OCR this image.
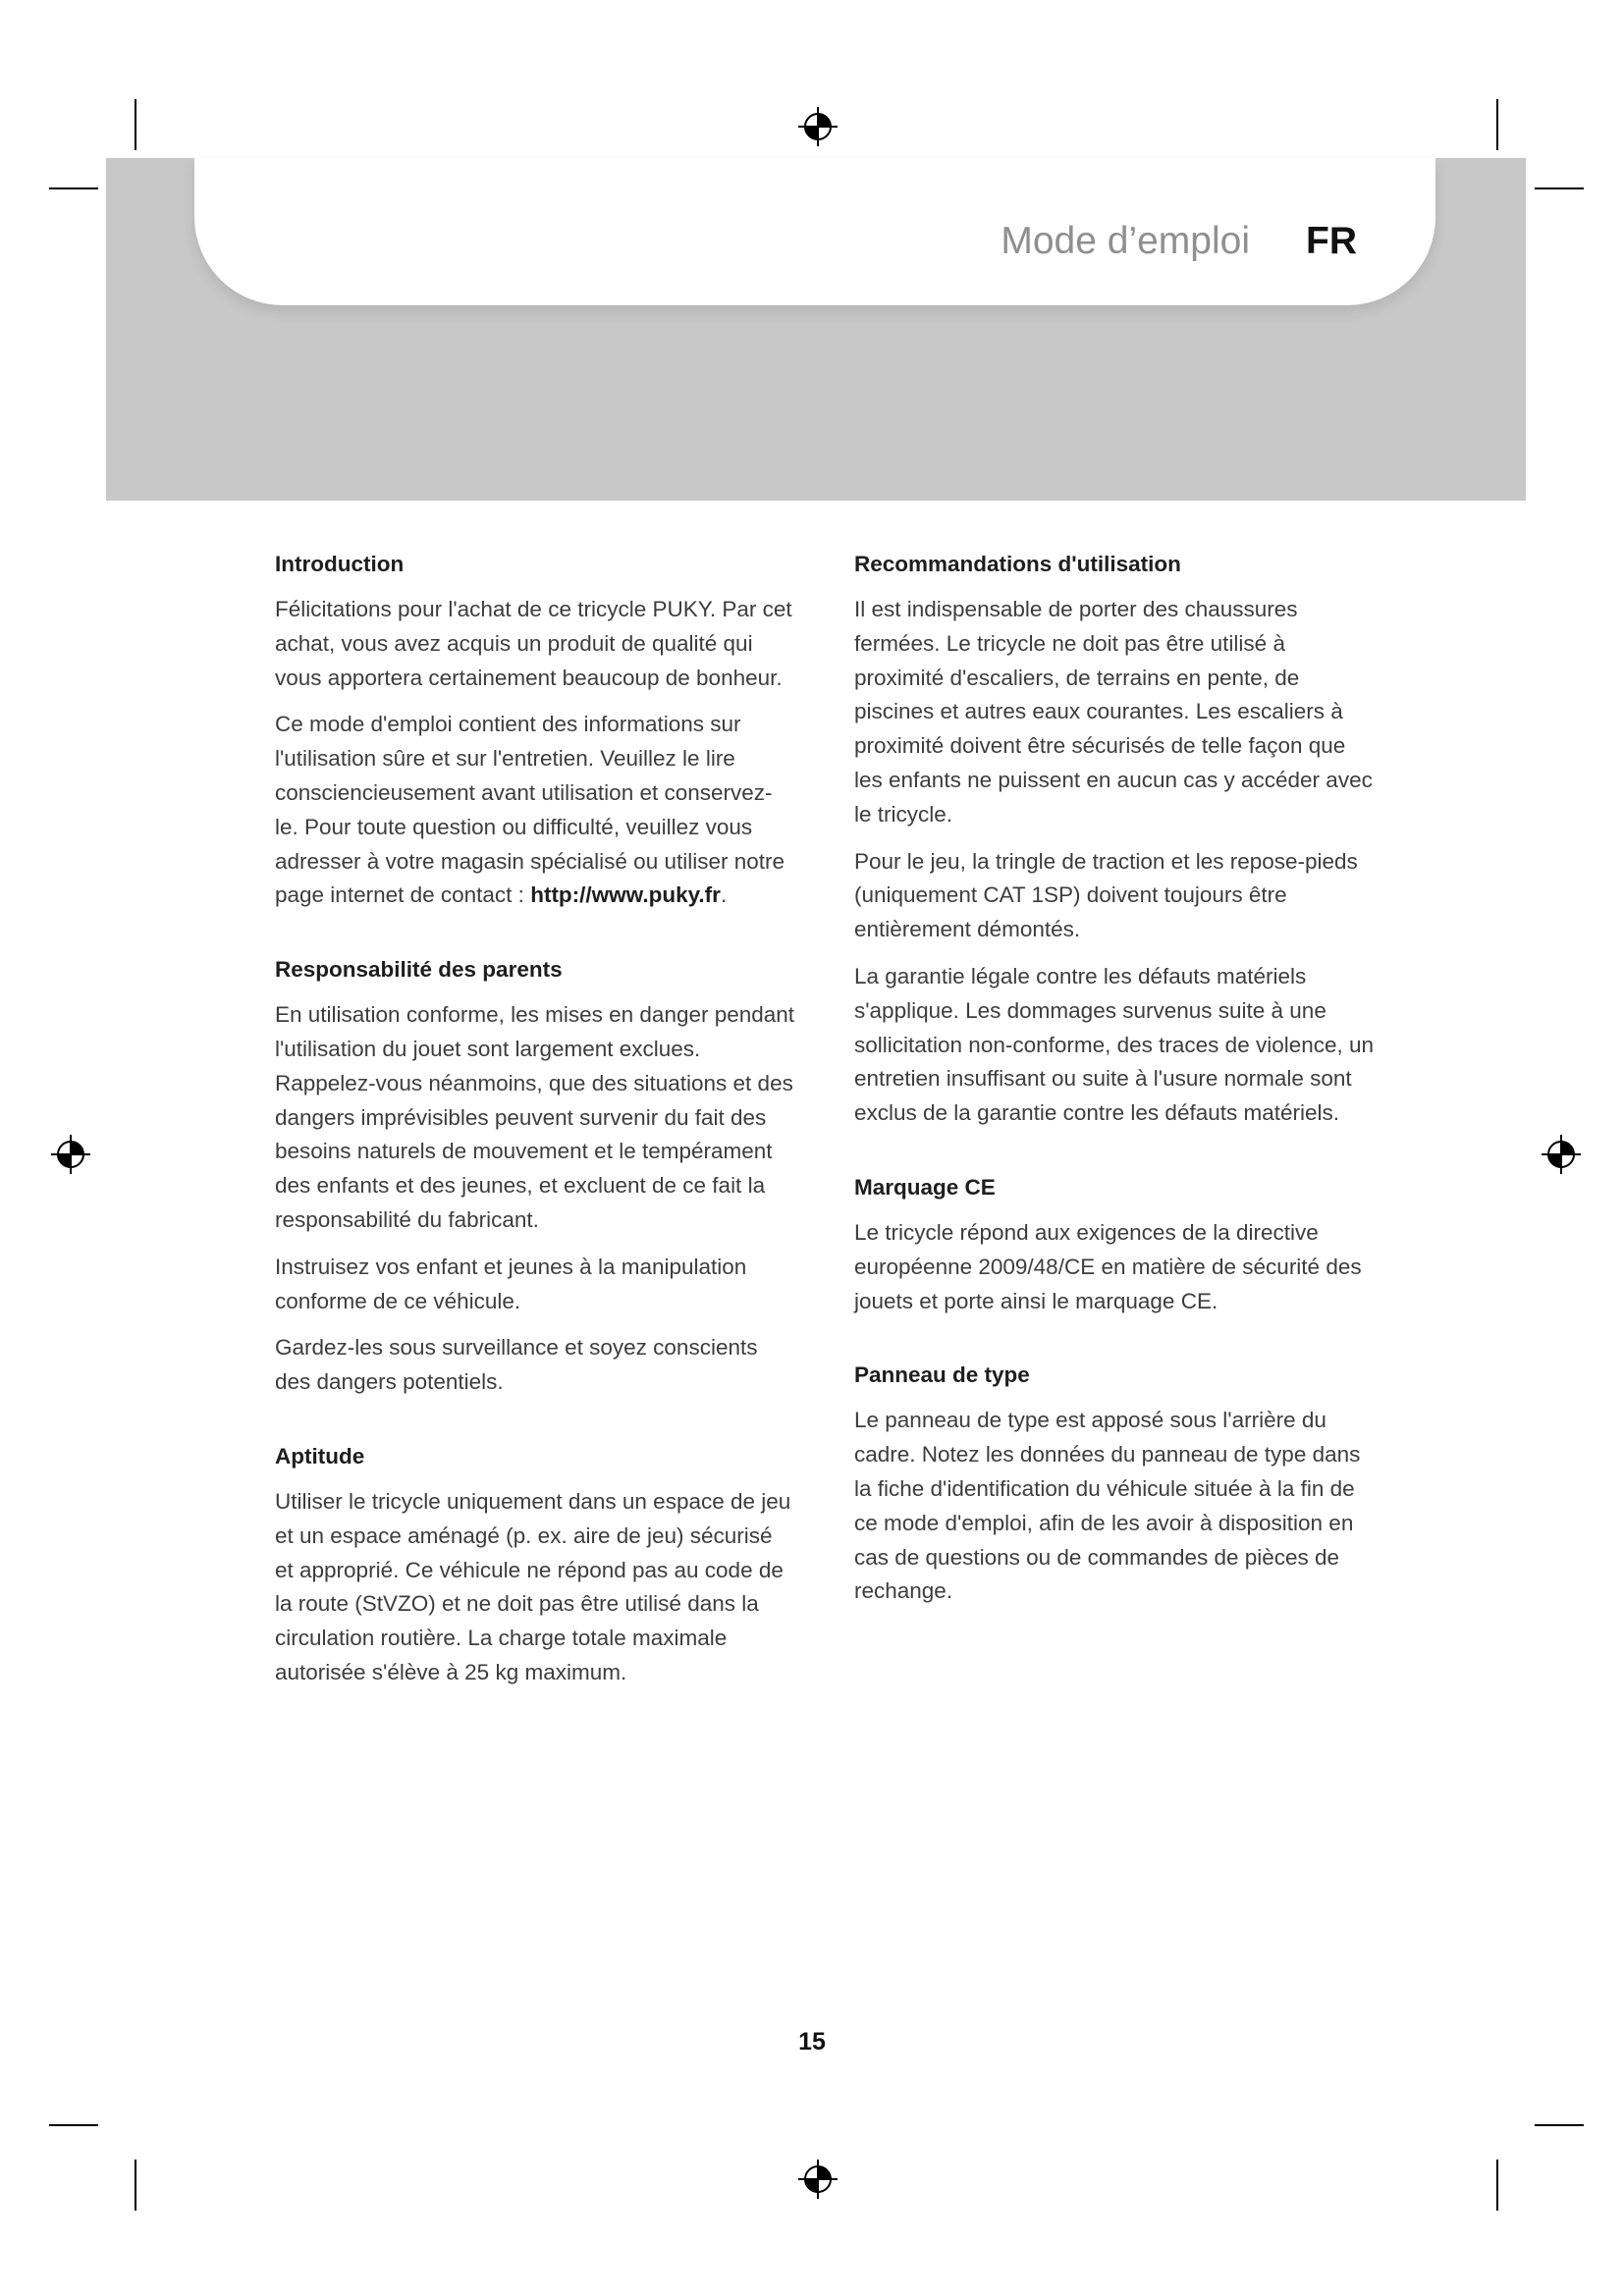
Mode d’emploi FR
Introduction

Félicitations pour l'achat de ce tricycle PUKY. Par cet achat, vous avez acquis un produit de qualité qui vous apportera certainement beaucoup de bonheur.

Ce mode d'emploi contient des informations sur l'utilisation sûre et sur l'entretien. Veuillez le lire consciencieusement avant utilisation et conservez-le. Pour toute question ou difficulté, veuillez vous adresser à votre magasin spécialisé ou utiliser notre page internet de contact : http://www.puky.fr.

Responsabilité des parents

En utilisation conforme, les mises en danger pendant l'utilisation du jouet sont largement exclues. Rappelez-vous néanmoins, que des situations et des dangers imprévisibles peuvent survenir du fait des besoins naturels de mouvement et le tempérament des enfants et des jeunes, et excluent de ce fait la responsabilité du fabricant.

Instruisez vos enfant et jeunes à la manipulation conforme de ce véhicule.

Gardez-les sous surveillance et soyez conscients des dangers potentiels.

Aptitude

Utiliser le tricycle uniquement dans un espace de jeu et un espace aménagé (p. ex. aire de jeu) sécurisé et approprié. Ce véhicule ne répond pas au code de la route (StVZO) et ne doit pas être utilisé dans la circulation routière. La charge totale maximale autorisée s'élève à 25 kg maximum.

Recommandations d'utilisation

Il est indispensable de porter des chaussures fermées. Le tricycle ne doit pas être utilisé à proximité d'escaliers, de terrains en pente, de piscines et autres eaux courantes. Les escaliers à proximité doivent être sécurisés de telle façon que les enfants ne puissent en aucun cas y accéder avec le tricycle.

Pour le jeu, la tringle de traction et les repose-pieds (uniquement CAT 1SP) doivent toujours être entièrement démontés.

La garantie légale contre les défauts matériels s'applique. Les dommages survenus suite à une sollicitation non-conforme, des traces de violence, un entretien insuffisant ou suite à l'usure normale sont exclus de la garantie contre les défauts matériels.

Marquage CE

Le tricycle répond aux exigences de la directive européenne 2009/48/CE en matière de sécurité des jouets et porte ainsi le marquage CE.

Panneau de type

Le panneau de type est apposé sous l'arrière du cadre. Notez les données du panneau de type dans la fiche d'identification du véhicule située à la fin de ce mode d'emploi, afin de les avoir à disposition en cas de questions ou de commandes de pièces de rechange.

15
